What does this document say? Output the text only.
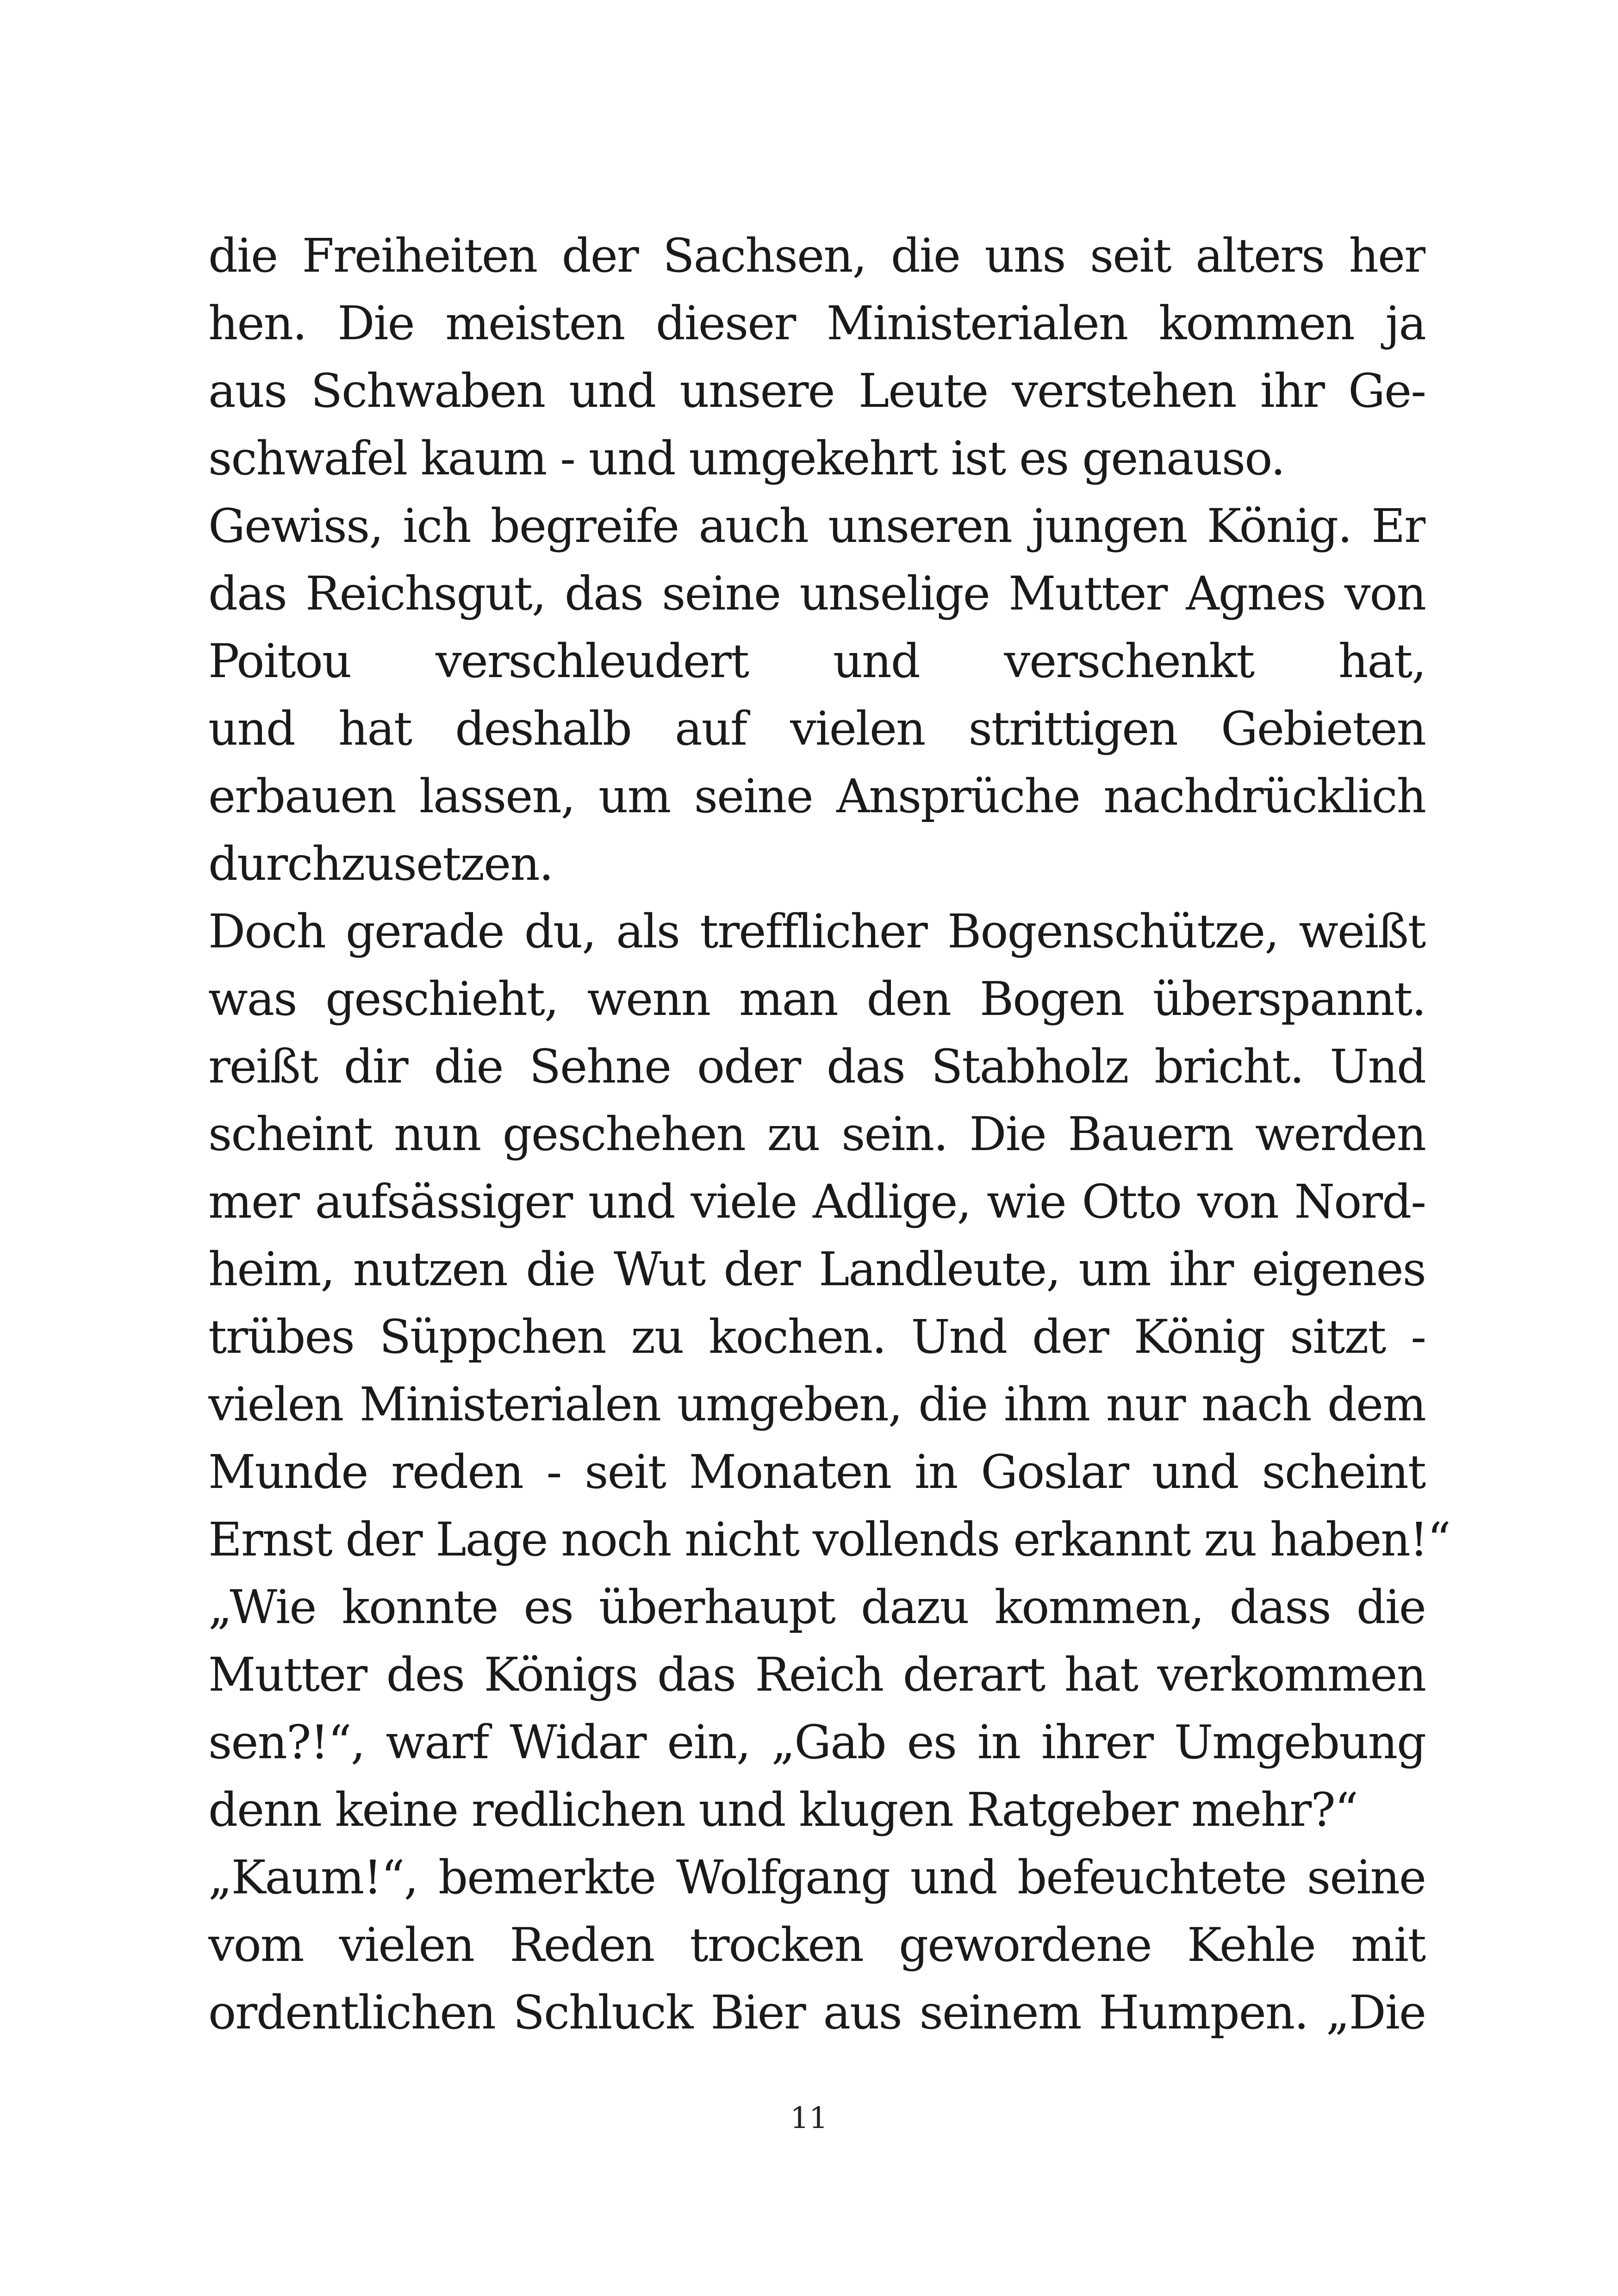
die Freiheiten der Sachsen, die uns seit alters her
hen. Die meisten dieser Ministerialen kommen ja
aus Schwaben und unsere Leute verstehen ihr Ge-
schwafel kaum - und umgekehrt ist es genauso.
Gewiss, ich begreife auch unseren jungen König. Er
das Reichsgut, das seine unselige Mutter Agnes von
Poitou verschleudert und verschenkt hat,
und hat deshalb auf vielen strittigen Gebieten
erbauen lassen, um seine Ansprüche nachdrücklich
durchzusetzen.
Doch gerade du, als trefflicher Bogenschütze, weißt
was geschieht, wenn man den Bogen überspannt.
reißt dir die Sehne oder das Stabholz bricht. Und
scheint nun geschehen zu sein. Die Bauern werden
mer aufsässiger und viele Adlige, wie Otto von Nord-
heim, nutzen die Wut der Landleute, um ihr eigenes
trübes Süppchen zu kochen. Und der König sitzt -
vielen Ministerialen umgeben, die ihm nur nach dem
Munde reden - seit Monaten in Goslar und scheint
Ernst der Lage noch nicht vollends erkannt zu haben!“
„Wie konnte es überhaupt dazu kommen, dass die
Mutter des Königs das Reich derart hat verkommen
sen?!“, warf Widar ein, „Gab es in ihrer Umgebung
denn keine redlichen und klugen Ratgeber mehr?“
„Kaum!“, bemerkte Wolfgang und befeuchtete seine
vom vielen Reden trocken gewordene Kehle mit
ordentlichen Schluck Bier aus seinem Humpen. „Die
11
